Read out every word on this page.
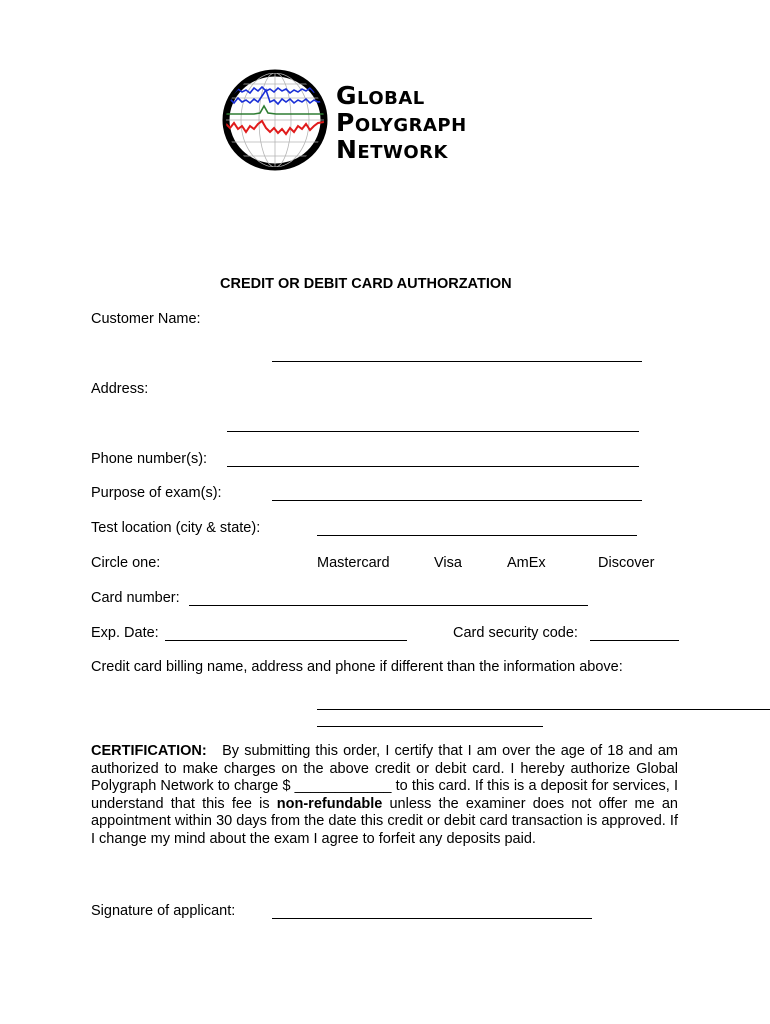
Global
Polygraph
Network
CREDIT OR DEBIT CARD AUTHORZATION
Customer Name:
Address:
Phone number(s):
Purpose of exam(s):
Test location (city & state):
Circle one:	Mastercard	Visa	AmEx	Discover
Card number:
Exp. Date:	Card security code:
Credit card billing name, address and phone if different than the information above:
CERTIFICATION: By submitting this order, I certify that I am over the age of 18 and am authorized to make charges on the above credit or debit card. I hereby authorize Global Polygraph Network to charge $ ____________ to this card. If this is a deposit for services, I understand that this fee is non-refundable unless the examiner does not offer me an appointment within 30 days from the date this credit or debit card transaction is approved. If I change my mind about the exam I agree to forfeit any deposits paid.
Signature of applicant:
